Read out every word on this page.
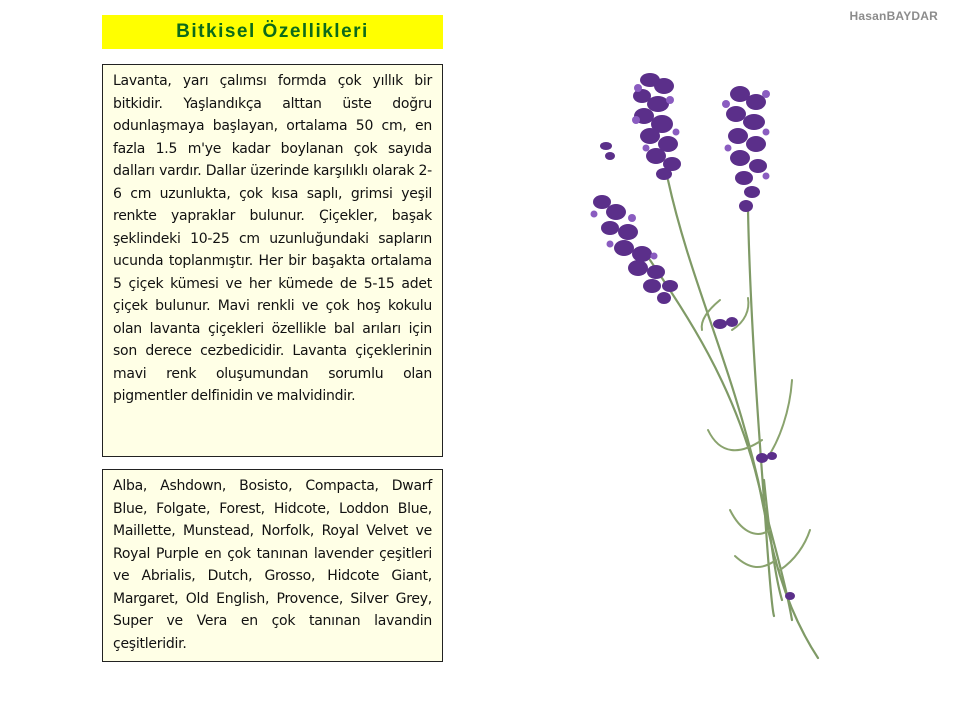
HasanBAYDAR
Bitkisel Özellikleri
Lavanta, yarı çalımsı formda çok yıllık bir bitkidir. Yaşlandıkça alttan üste doğru odunlaşmaya başlayan, ortalama 50 cm, en fazla 1.5 m'ye kadar boylanan çok sayıda dalları vardır. Dallar üzerinde karşılıklı olarak 2-6 cm uzunlukta, çok kısa saplı, grimsi yeşil renkte yapraklar bulunur. Çiçekler, başak şeklindeki 10-25 cm uzunluğundaki sapların ucunda toplanmıştır. Her bir başakta ortalama 5 çiçek kümesi ve her kümede de 5-15 adet çiçek bulunur. Mavi renkli ve çok hoş kokulu olan lavanta çiçekleri özellikle bal arıları için son derece cezbedicidir. Lavanta çiçeklerinin mavi renk oluşumundan sorumlu olan pigmentler delfinidin ve malvidindir.
Alba, Ashdown, Bosisto, Compacta, Dwarf Blue, Folgate, Forest, Hidcote, Loddon Blue, Maillette, Munstead, Norfolk, Royal Velvet ve Royal Purple en çok tanınan lavender çeşitleri ve Abrialis, Dutch, Grosso, Hidcote Giant, Margaret, Old English, Provence, Silver Grey, Super ve Vera en çok tanınan lavandin çeşitleridir.
